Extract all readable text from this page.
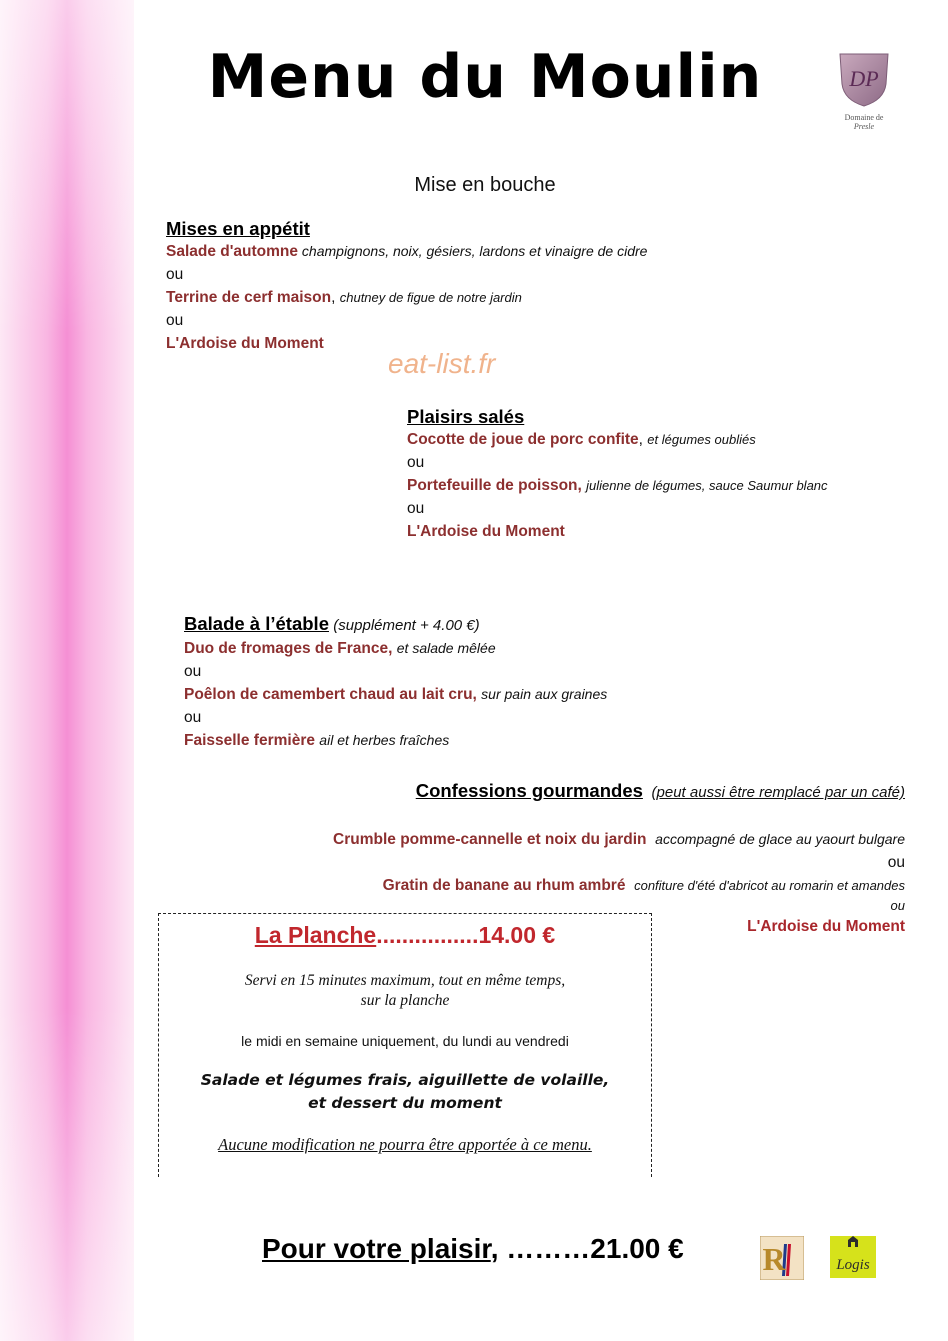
Menu du Moulin	DP
Domaine de
Presle
Mise en bouche
Mises en appétit
Salade d'automne champignons, noix, gésiers, lardons et vinaigre de cidre
ou
Terrine de cerf maison, chutney de figue de notre jardin
ou
L'Ardoise du Moment
eat-list.fr
Plaisirs salés
Cocotte de joue de porc confite, et légumes oubliés
ou
Portefeuille de poisson, julienne de légumes, sauce Saumur blanc
ou
L'Ardoise du Moment
Balade à l’étable (supplément + 4.00 €)
Duo de fromages de France, et salade mêlée
ou
Poêlon de camembert chaud au lait cru, sur pain aux graines
ou
Faisselle fermière ail et herbes fraîches
Confessions gourmandes (peut aussi être remplacé par un café)
Crumble pomme-cannelle et noix du jardin accompagné de glace au yaourt bulgare
ou
Gratin de banane au rhum ambré confiture d'été d'abricot au romarin et amandes
ou
L'Ardoise du Moment
La Planche................14.00 €
Servi en 15 minutes maximum, tout en même temps,
sur la planche
le midi en semaine uniquement, du lundi au vendredi
Salade et légumes frais, aiguillette de volaille,
et dessert du moment
Aucune modification ne pourra être apportée à ce menu.
Pour votre plaisir, ………21.00 € R	Logis
